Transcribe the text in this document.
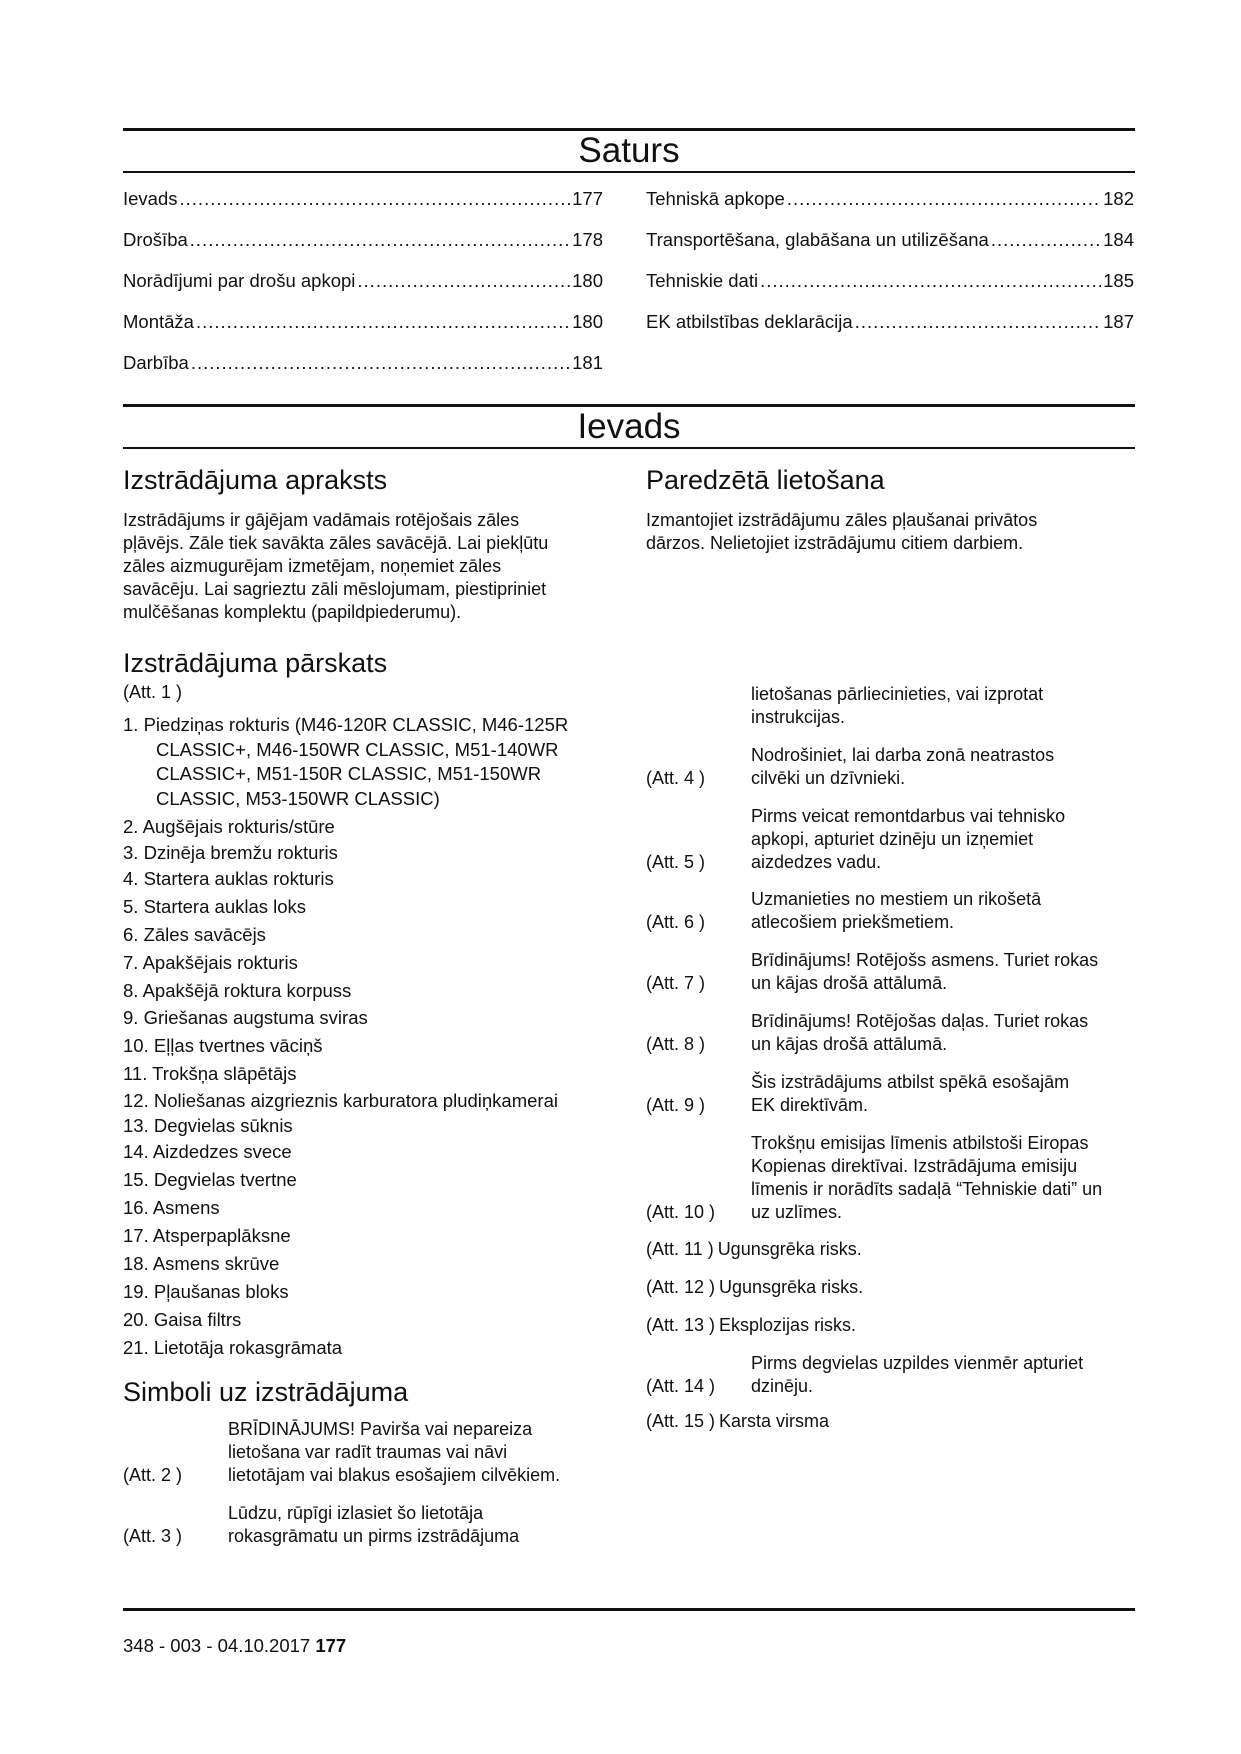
Saturs
Ievads .....	177
Drošība .....	178
Norādījumi par drošu apkopi .....	180
Montāža .....	180
Darbība .....	181
Tehniskā apkope .....	182
Transportēšana, glabāšana un utilizēšana .....	184
Tehniskie dati .....	185
EK atbilstības deklarācija .....	187
Ievads
Izstrādājuma apraksts
Izstrādājums ir gājējam vadāmais rotējošais zāles
pļāvējs. Zāle tiek savākta zāles savācējā. Lai piekļūtu
zāles aizmugurējam izmetējam, noņemiet zāles
savācēju. Lai sagrieztu zāli mēslojumam, piestipriniet
mulčēšanas komplektu (papildpiederumu).
Paredzētā lietošana
Izmantojiet izstrādājumu zāles pļaušanai privātos
dārzos. Nelietojiet izstrādājumu citiem darbiem.
Izstrādājuma pārskats
(Att. 1 )
1. Piedziņas rokturis (M46-120R CLASSIC, M46-125R
CLASSIC+, M46-150WR CLASSIC, M51-140WR
CLASSIC+, M51-150R CLASSIC, M51-150WR
CLASSIC, M53-150WR CLASSIC)
2. Augšējais rokturis/stūre
3. Dzinēja bremžu rokturis
4. Startera auklas rokturis
5. Startera auklas loks
6. Zāles savācējs
7. Apakšējais rokturis
8. Apakšējā roktura korpuss
9. Griešanas augstuma sviras
10. Eļļas tvertnes vāciņš
11. Trokšņa slāpētājs
12. Noliešanas aizgrieznis karburatora pludiņkamerai
13. Degvielas sūknis
14. Aizdedzes svece
15. Degvielas tvertne
16. Asmens
17. Atsperpaplāksne
18. Asmens skrūve
19. Pļaušanas bloks
20. Gaisa filtrs
21. Lietotāja rokasgrāmata
Simboli uz izstrādājuma
(Att. 2 )
BRĪDINĀJUMS! Pavirša vai nepareiza
lietošana var radīt traumas vai nāvi
lietotājam vai blakus esošajiem cilvēkiem.
(Att. 3 )
Lūdzu, rūpīgi izlasiet šo lietotāja
rokasgrāmatu un pirms izstrādājuma
lietošanas pārliecinieties, vai izprotat
instrukcijas.
(Att. 4 )
Nodrošiniet, lai darba zonā neatrastos
cilvēki un dzīvnieki.
(Att. 5 )
Pirms veicat remontdarbus vai tehnisko
apkopi, apturiet dzinēju un izņemiet
aizdedzes vadu.
(Att. 6 )
Uzmanieties no mestiem un rikošetā
atlecošiem priekšmetiem.
(Att. 7 )
Brīdinājums! Rotējošs asmens. Turiet rokas
un kājas drošā attālumā.
(Att. 8 )
Brīdinājums! Rotējošas daļas. Turiet rokas
un kājas drošā attālumā.
(Att. 9 )
Šis izstrādājums atbilst spēkā esošajām
EK direktīvām.
(Att. 10 )
Trokšņu emisijas līmenis atbilstoši Eiropas
Kopienas direktīvai. Izstrādājuma emisiju
līmenis ir norādīts sadaļā “Tehniskie dati” un
uz uzlīmes.
(Att. 11 ) Ugunsgrēka risks.
(Att. 12 ) Ugunsgrēka risks.
(Att. 13 ) Eksplozijas risks.
(Att. 14 )
Pirms degvielas uzpildes vienmēr apturiet
dzinēju.
(Att. 15 ) Karsta virsma
348 - 003 - 04.10.2017 177
